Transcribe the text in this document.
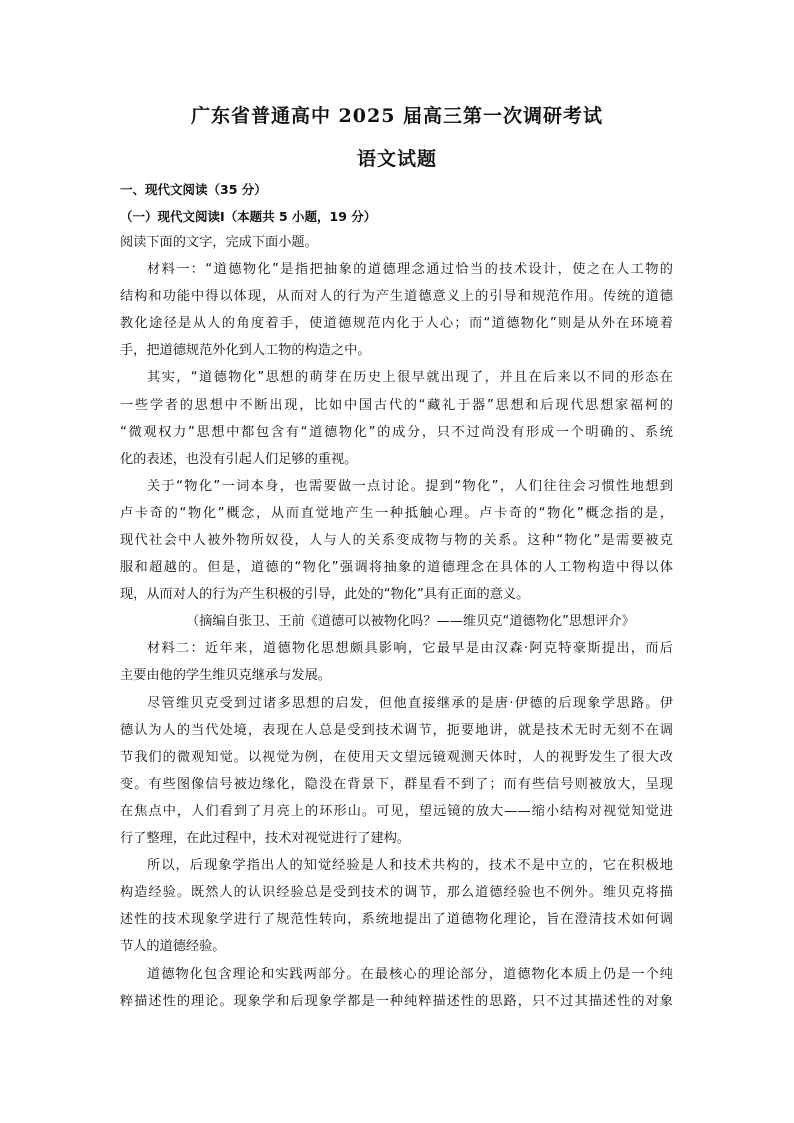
广东省普通高中 2025 届高三第一次调研考试
语文试题

一、现代文阅读（35 分）

（一）现代文阅读Ⅰ（本题共 5 小题，19 分）

阅读下面的文字，完成下面小题。

材料一：“道德物化”是指把抽象的道德理念通过恰当的技术设计，使之在人工物的

结构和功能中得以体现，从而对人的行为产生道德意义上的引导和规范作用。传统的道德

教化途径是从人的角度着手，使道德规范内化于人心；而“道德物化”则是从外在环境着

手，把道德规范外化到人工物的构造之中。

其实，“道德物化”思想的萌芽在历史上很早就出现了，并且在后来以不同的形态在

一些学者的思想中不断出现，比如中国古代的“藏礼于器”思想和后现代思想家福柯的

“微观权力”思想中都包含有“道德物化”的成分，只不过尚没有形成一个明确的、系统

化的表述，也没有引起人们足够的重视。

关于“物化”一词本身，也需要做一点讨论。提到“物化”，人们往往会习惯性地想到

卢卡奇的“物化”概念，从而直觉地产生一种抵触心理。卢卡奇的“物化”概念指的是，

现代社会中人被外物所奴役，人与人的关系变成物与物的关系。这种“物化”是需要被克

服和超越的。但是，道德的“物化”强调将抽象的道德理念在具体的人工物构造中得以体

现，从而对人的行为产生积极的引导，此处的“物化”具有正面的意义。

（摘编自张卫、王前《道德可以被物化吗？——维贝克“道德物化”思想评介》

材料二：近年来，道德物化思想颇具影响，它最早是由汉森·阿克特豪斯提出，而后

主要由他的学生维贝克继承与发展。

尽管维贝克受到过诸多思想的启发，但他直接继承的是唐·伊德的后现象学思路。伊

德认为人的当代处境，表现在人总是受到技术调节，扼要地讲，就是技术无时无刻不在调

节我们的微观知觉。以视觉为例，在使用天文望远镜观测天体时，人的视野发生了很大改

变。有些图像信号被边缘化，隐没在背景下，群星看不到了；而有些信号则被放大，呈现

在焦点中，人们看到了月亮上的环形山。可见，望远镜的放大——缩小结构对视觉知觉进

行了整理，在此过程中，技术对视觉进行了建构。

所以，后现象学指出人的知觉经验是人和技术共构的，技术不是中立的，它在积极地

构造经验。既然人的认识经验总是受到技术的调节，那么道德经验也不例外。维贝克将描

述性的技术现象学进行了规范性转向，系统地提出了道德物化理论，旨在澄清技术如何调

节人的道德经验。

道德物化包含理论和实践两部分。在最核心的理论部分，道德物化本质上仍是一个纯

粹描述性的理论。现象学和后现象学都是一种纯粹描述性的思路，只不过其描述性的对象
